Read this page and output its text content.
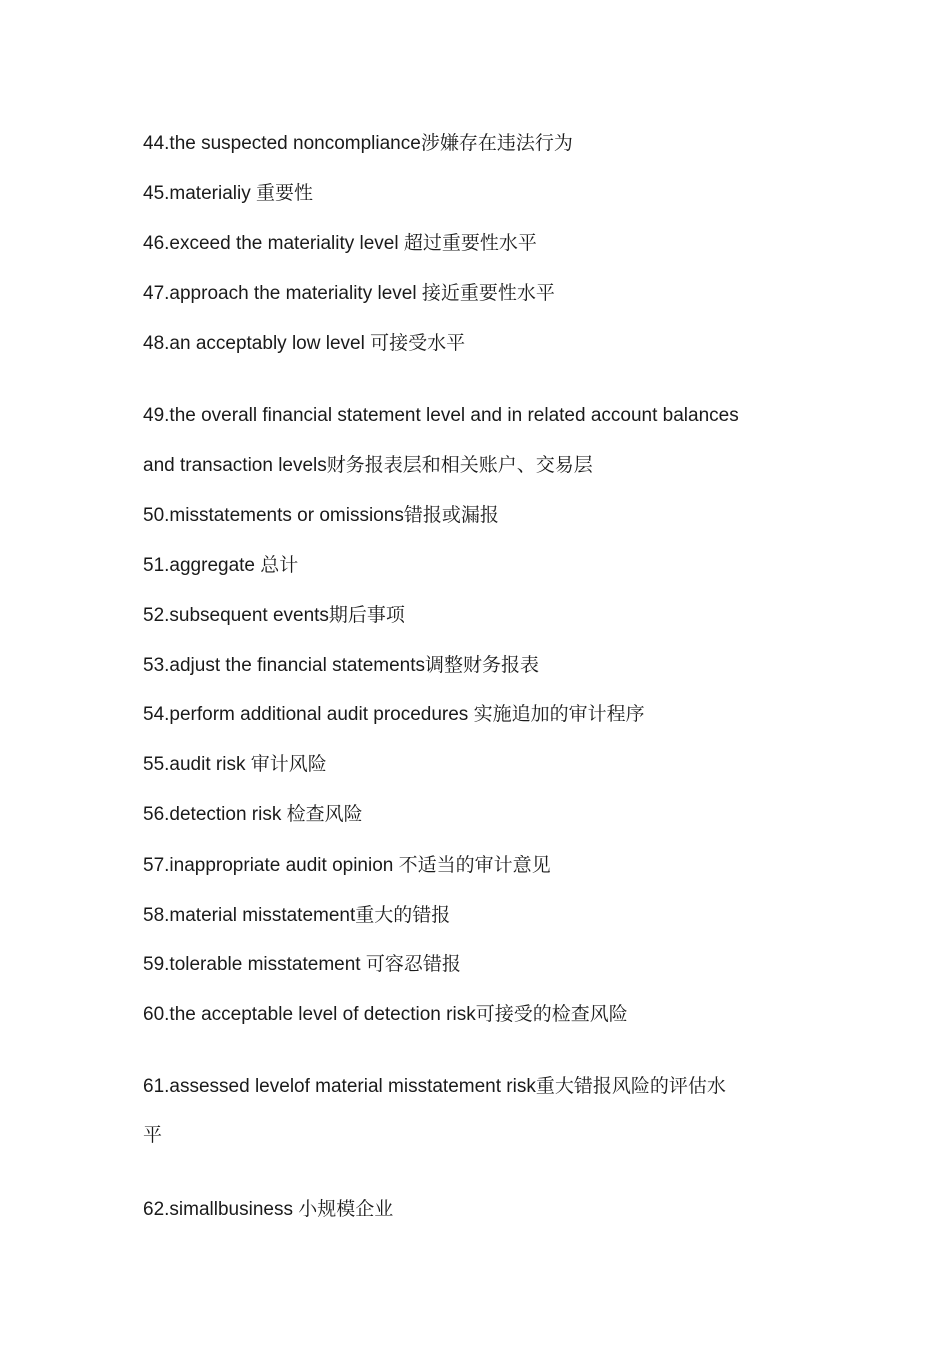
44.the suspected noncompliance涉嫌存在违法行为
45.materialiy 重要性
46.exceed the materiality level 超过重要性水平
47.approach the materiality level 接近重要性水平
48.an acceptably low level 可接受水平
49.the overall financial statement level and in related account balances
and transaction levels财务报表层和相关账户、交易层
50.misstatements or omissions错报或漏报
51.aggregate 总计
52.subsequent events期后事项
53.adjust the financial statements调整财务报表
54.perform additional audit procedures 实施追加的审计程序
55.audit risk 审计风险
56.detection risk 检查风险
57.inappropriate audit opinion 不适当的审计意见
58.material misstatement重大的错报
59.tolerable misstatement 可容忍错报
60.the acceptable level of detection risk可接受的检查风险
61.assessed levelof material misstatement risk重大错报风险的评估水
平
62.simallbusiness 小规模企业
